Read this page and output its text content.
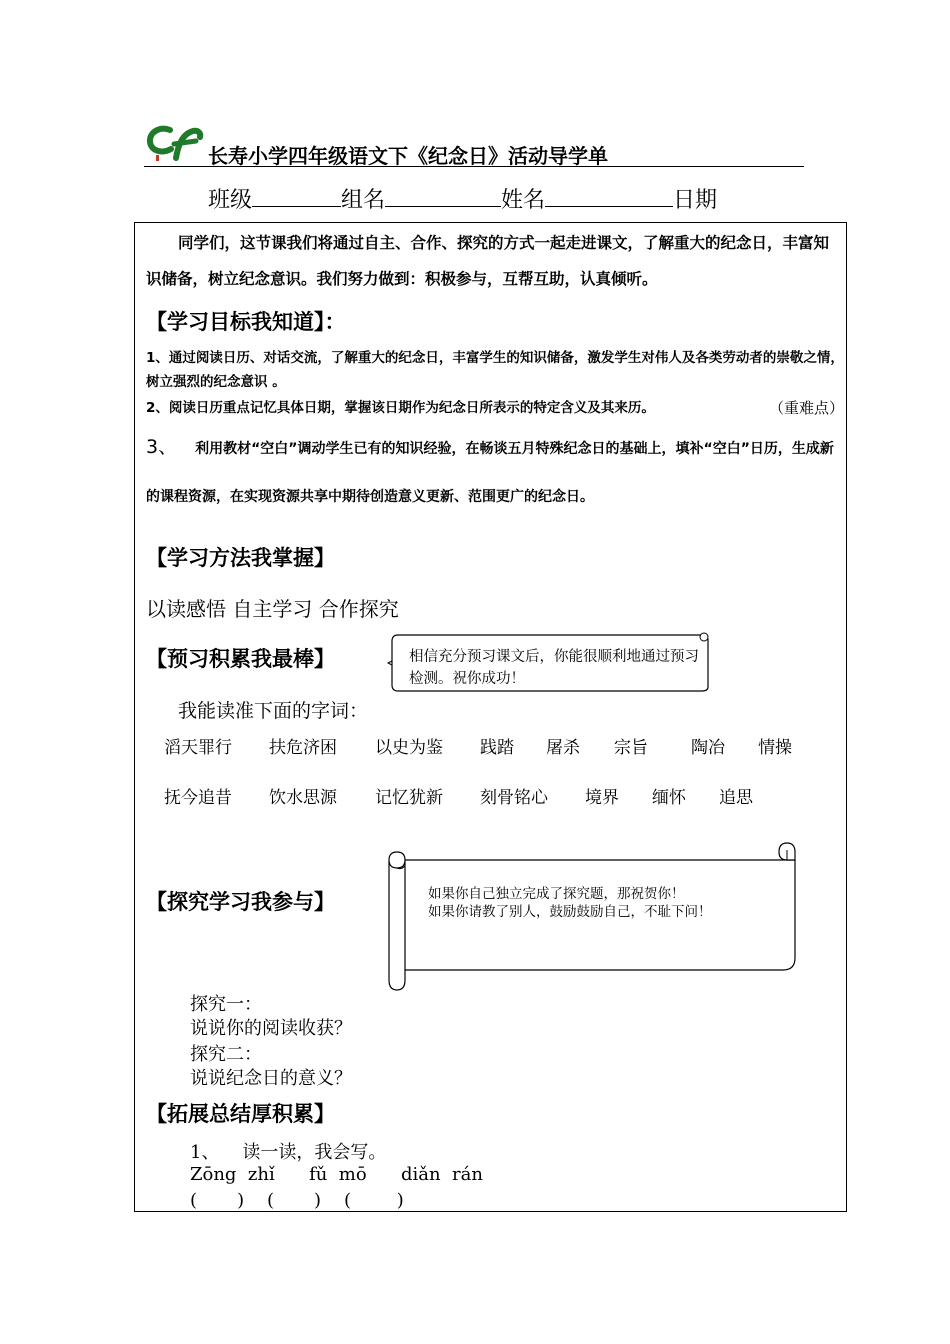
长寿小学四年级语文下《纪念日》活动导学单
班级	组名	姓名	日期
同学们，这节课我们将通过自主、合作、探究的方式一起走进课文，了解重大的纪念日，丰富知识储备，树立纪念意识。我们努力做到：积极参与，互帮互助，认真倾听。
【学习目标我知道】：
1、通过阅读日历、对话交流，了解重大的纪念日，丰富学生的知识储备，激发学生对伟人及各类劳动者的崇敬之情，树立强烈的纪念意识 。
2、阅读日历重点记忆具体日期，掌握该日期作为纪念日所表示的特定含义及其来历。	（重难点）
3、 利用教材“空白”调动学生已有的知识经验，在畅谈五月特殊纪念日的基础上，填补“空白”日历，生成新的课程资源，在实现资源共享中期待创造意义更新、范围更广的纪念日。
【学习方法我掌握】
以读感悟 自主学习 合作探究
【预习积累我最棒】	相信充分预习课文后，你能很顺利地通过预习检测。祝你成功！
我能读准下面的字词：
滔天罪行 扶危济困 以史为鉴 践踏 屠杀 宗旨	陶冶 情操
抚今追昔 饮水思源 记忆犹新 刻骨铭心 境界 缅怀 追思
【探究学习我参与】	如果你自己独立完成了探究题，那祝贺你！
如果你请教了别人，鼓励鼓励自己，不耻下问！
探究一：
说说你的阅读收获？
探究二：
说说纪念日的意义？
【拓展总结厚积累】
1、    读一读，我会写。
Zōng  zhǐ      fǔ  mō      diǎn  rán
(       )    (       )    (        )
